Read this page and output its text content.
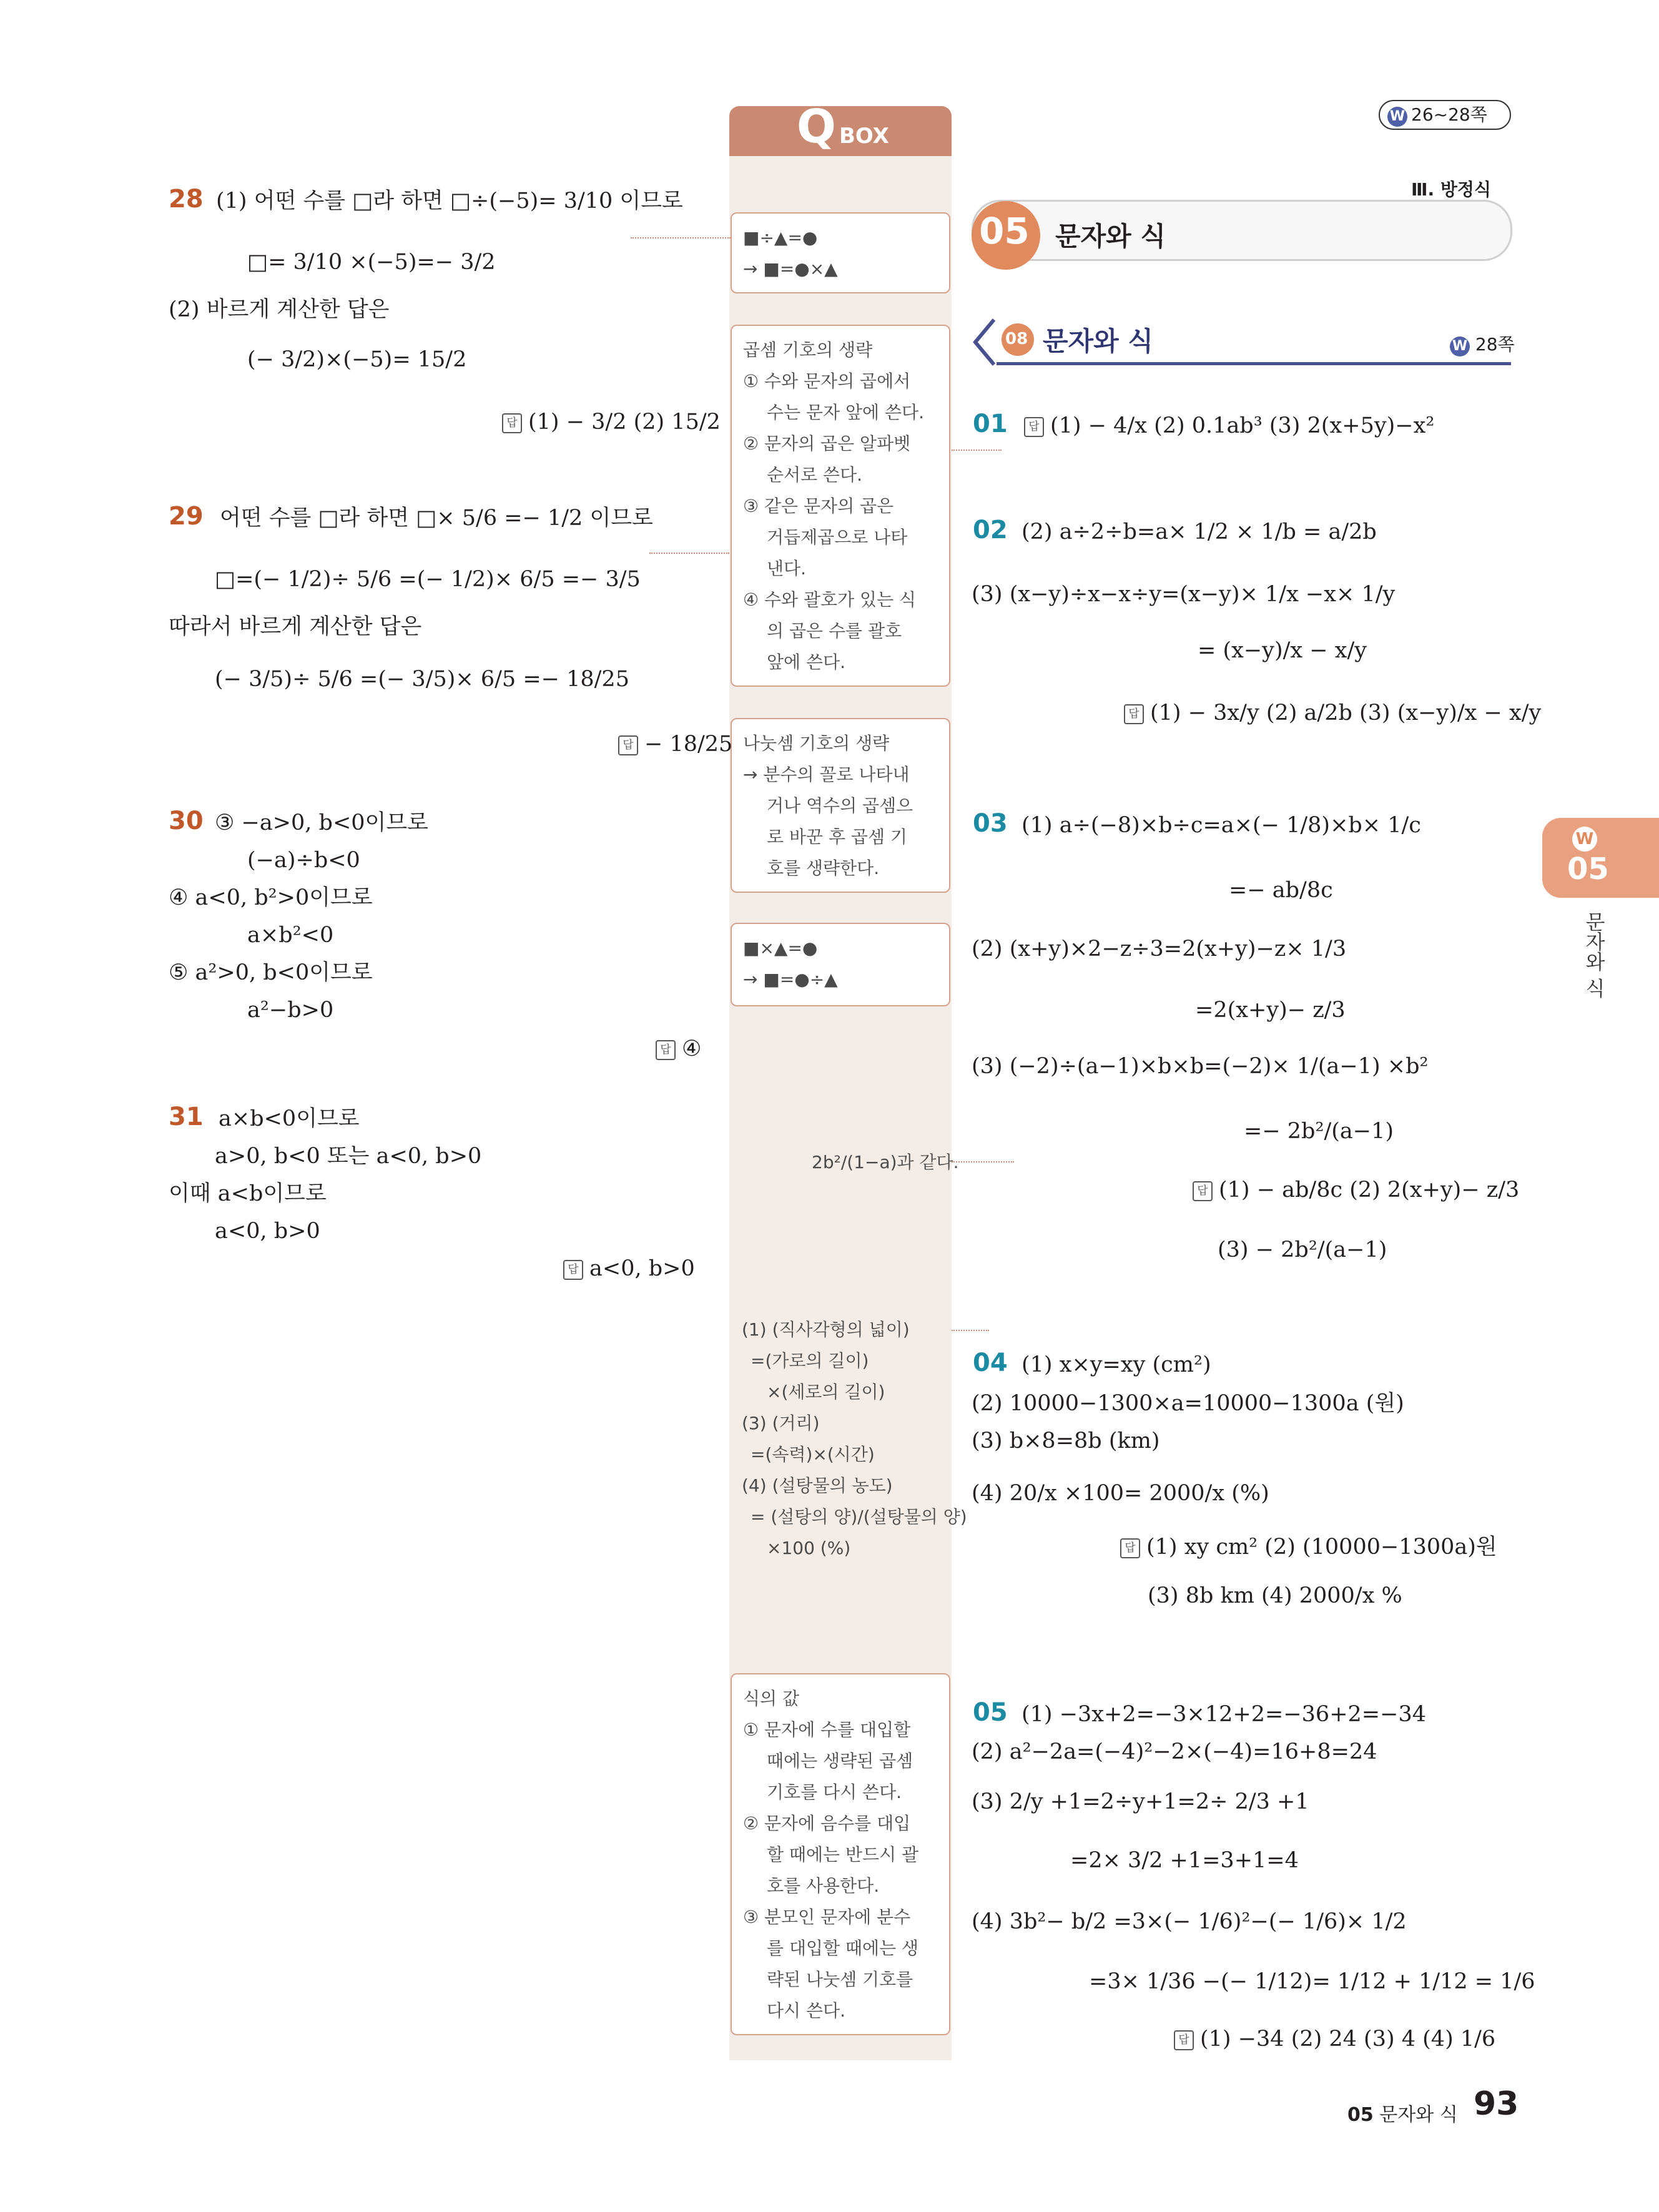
Q BOX
■÷▲=●
→ ■=●×▲
곱셈 기호의 생략
① 수와 문자의 곱에서
수는 문자 앞에 쓴다.
② 문자의 곱은 알파벳
순서로 쓴다.
③ 같은 문자의 곱은
거듭제곱으로 나타
낸다.
④ 수와 괄호가 있는 식
의 곱은 수를 괄호
앞에 쓴다.
나눗셈 기호의 생략
→ 분수의 꼴로 나타내
거나 역수의 곱셈으
로 바꾼 후 곱셈 기
호를 생략한다.
■×▲=●
→ ■=●÷▲
2b²/(1−a)과 같다.
(1) (직사각형의 넓이)
=(가로의 길이)
×(세로의 길이)
(3) (거리)
=(속력)×(시간)
(4) (설탕물의 농도)
= (설탕의 양)/(설탕물의 양)
×100 (%)
식의 값
① 문자에 수를 대입할
때에는 생략된 곱셈
기호를 다시 쓴다.
② 문자에 음수를 대입
할 때에는 반드시 괄
호를 사용한다.
③ 분모인 문자에 분수
를 대입할 때에는 생
략된 나눗셈 기호를
다시 쓴다.
W 26~28쪽
Ⅲ. 방정식
05 문자와 식
08 문자와 식	W 28쪽
28 (1) 어떤 수를 □라 하면 □÷(−5)= 3/10 이므로
□= 3/10 ×(−5)=− 3/2
(2) 바르게 계산한 답은
(− 3/2)×(−5)= 15/2
답 (1) − 3/2 (2) 15/2
29 어떤 수를 □라 하면 □× 5/6 =− 1/2 이므로
□=(− 1/2)÷ 5/6 =(− 1/2)× 6/5 =− 3/5
따라서 바르게 계산한 답은
(− 3/5)÷ 5/6 =(− 3/5)× 6/5 =− 18/25
답 − 18/25
30 ③ −a>0, b<0이므로
(−a)÷b<0
④ a<0, b²>0이므로
a×b²<0
⑤ a²>0, b<0이므로
a²−b>0
답 ④
31 a×b<0이므로
a>0, b<0 또는 a<0, b>0
이때 a<b이므로
a<0, b>0
답 a<0, b>0
01	답 (1) − 4/x (2) 0.1ab³ (3) 2(x+5y)−x²
02 (2) a÷2÷b=a× 1/2 × 1/b = a/2b
(3) (x−y)÷x−x÷y=(x−y)× 1/x −x× 1/y
= (x−y)/x − x/y
답 (1) − 3x/y (2) a/2b (3) (x−y)/x − x/y
03 (1) a÷(−8)×b÷c=a×(− 1/8)×b× 1/c
=− ab/8c
(2) (x+y)×2−z÷3=2(x+y)−z× 1/3
=2(x+y)− z/3
(3) (−2)÷(a−1)×b×b=(−2)× 1/(a−1) ×b²
=− 2b²/(a−1)
답 (1) − ab/8c (2) 2(x+y)− z/3
(3) − 2b²/(a−1)
04 (1) x×y=xy (cm²)
(2) 10000−1300×a=10000−1300a (원)
(3) b×8=8b (km)
(4) 20/x ×100= 2000/x (%)
답 (1) xy cm² (2) (10000−1300a)원
(3) 8b km (4) 2000/x %
05 (1) −3x+2=−3×12+2=−36+2=−34
(2) a²−2a=(−4)²−2×(−4)=16+8=24
(3) 2/y +1=2÷y+1=2÷ 2/3 +1
=2× 3/2 +1=3+1=4
(4) 3b²− b/2 =3×(− 1/6)²−(− 1/6)× 1/2
=3× 1/36 −(− 1/12)= 1/12 + 1/12 = 1/6
답 (1) −34 (2) 24 (3) 4 (4) 1/6
W
05
문자와 식
05 문자와 식 93
